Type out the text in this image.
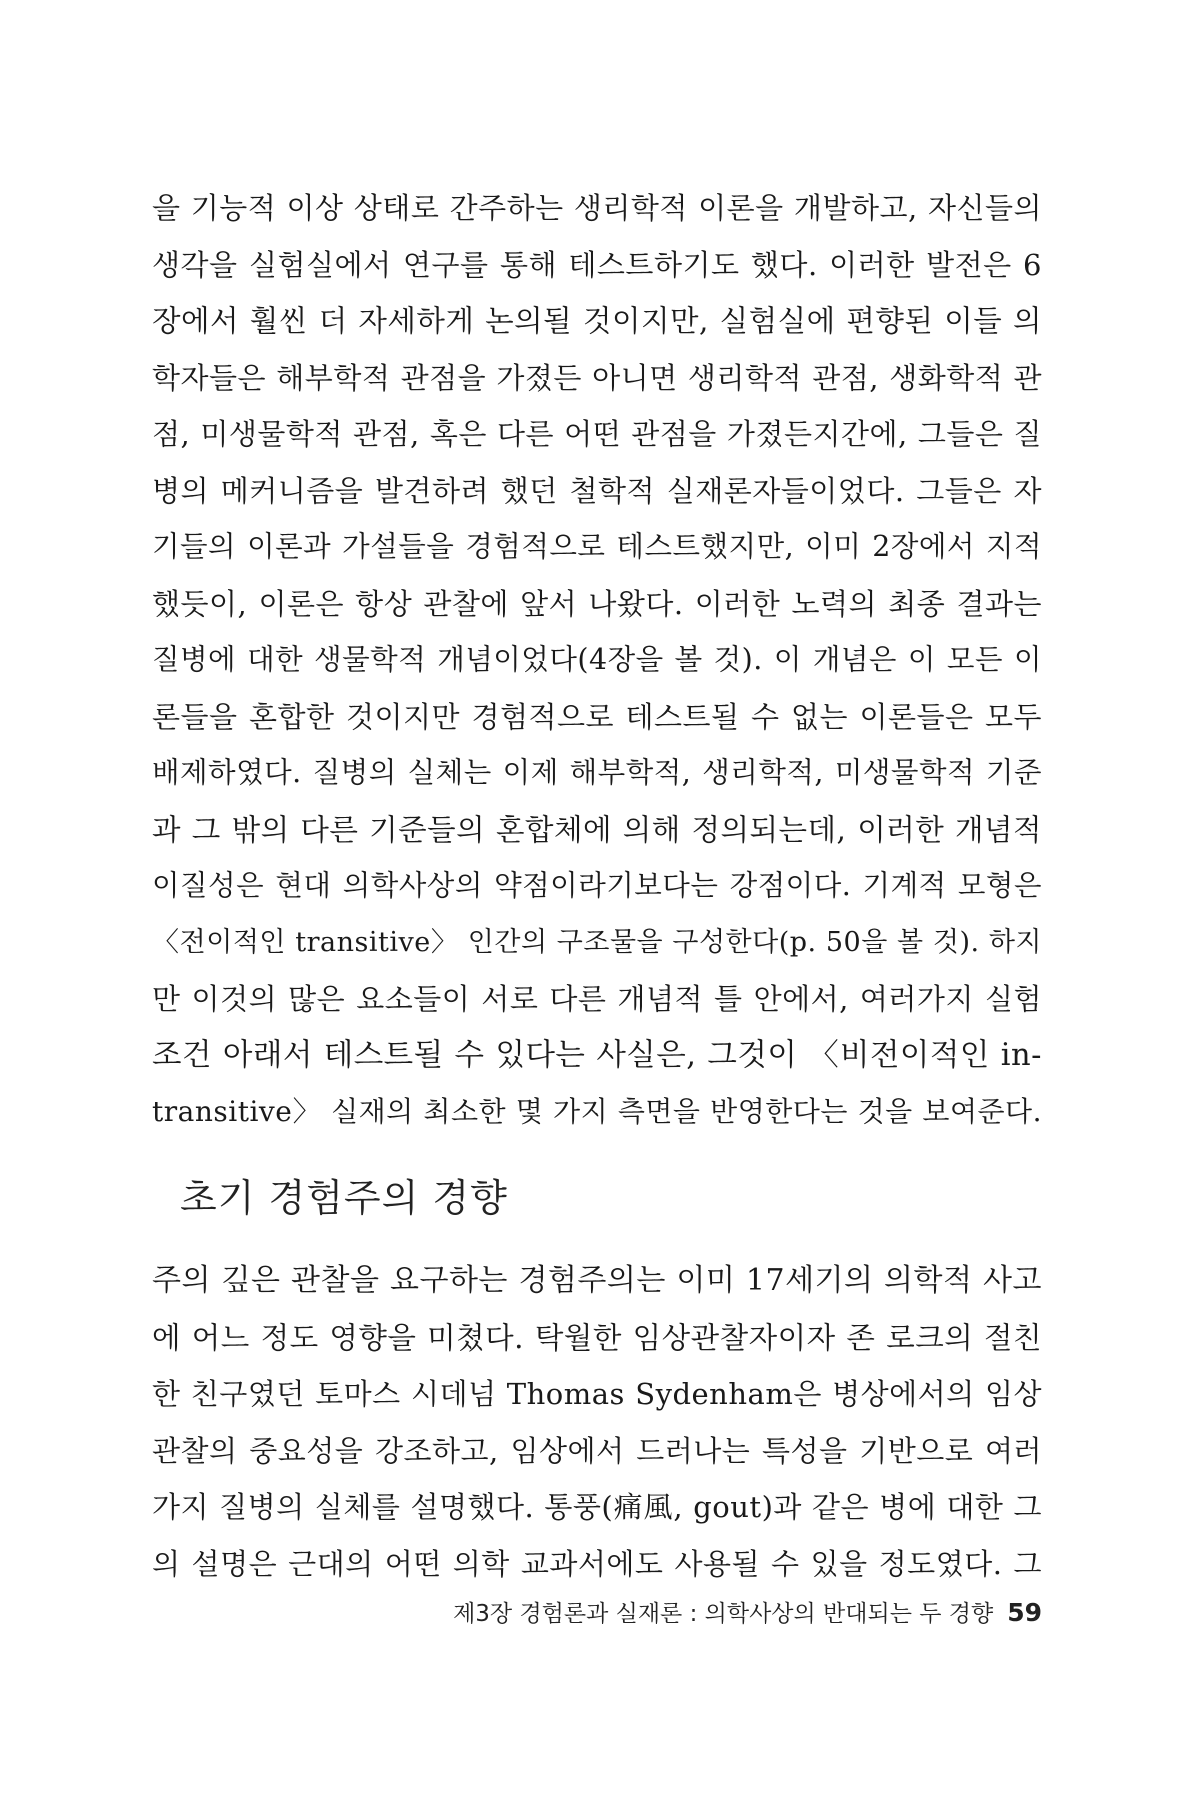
을 기능적 이상 상태로 간주하는 생리학적 이론을 개발하고, 자신들의
생각을 실험실에서 연구를 통해 테스트하기도 했다. 이러한 발전은 6
장에서 훨씬 더 자세하게 논의될 것이지만, 실험실에 편향된 이들 의
학자들은 해부학적 관점을 가졌든 아니면 생리학적 관점, 생화학적 관
점, 미생물학적 관점, 혹은 다른 어떤 관점을 가졌든지간에, 그들은 질
병의 메커니즘을 발견하려 했던 철학적 실재론자들이었다. 그들은 자
기들의 이론과 가설들을 경험적으로 테스트했지만, 이미 2장에서 지적
했듯이, 이론은 항상 관찰에 앞서 나왔다. 이러한 노력의 최종 결과는
질병에 대한 생물학적 개념이었다(4장을 볼 것). 이 개념은 이 모든 이
론들을 혼합한 것이지만 경험적으로 테스트될 수 없는 이론들은 모두
배제하였다. 질병의 실체는 이제 해부학적, 생리학적, 미생물학적 기준
과 그 밖의 다른 기준들의 혼합체에 의해 정의되는데, 이러한 개념적
이질성은 현대 의학사상의 약점이라기보다는 강점이다. 기계적 모형은
〈전이적인 transitive〉 인간의 구조물을 구성한다(p. 50을 볼 것). 하지
만 이것의 많은 요소들이 서로 다른 개념적 틀 안에서, 여러가지 실험
조건 아래서 테스트될 수 있다는 사실은, 그것이 〈비전이적인 in-
transitive〉 실재의 최소한 몇 가지 측면을 반영한다는 것을 보여준다.
초기 경험주의 경향
주의 깊은 관찰을 요구하는 경험주의는 이미 17세기의 의학적 사고
에 어느 정도 영향을 미쳤다. 탁월한 임상관찰자이자 존 로크의 절친
한 친구였던 토마스 시데넘 Thomas Sydenham은 병상에서의 임상
관찰의 중요성을 강조하고, 임상에서 드러나는 특성을 기반으로 여러
가지 질병의 실체를 설명했다. 통풍(痛風, gout)과 같은 병에 대한 그
의 설명은 근대의 어떤 의학 교과서에도 사용될 수 있을 정도였다. 그
제3장 경험론과 실재론 : 의학사상의 반대되는 두 경향 59
